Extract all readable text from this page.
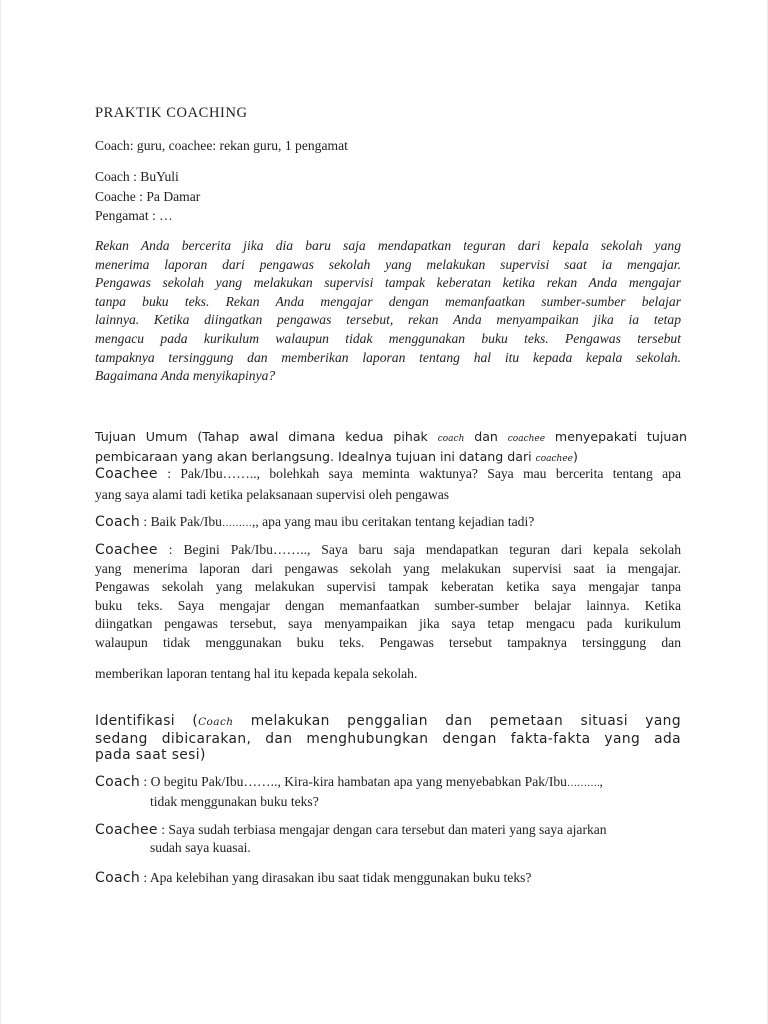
PRAKTIK COACHING
Coach: guru, coachee: rekan guru, 1 pengamat
Coach : BuYuli
Coache : Pa Damar
Pengamat : …
Rekan Anda bercerita jika dia baru saja mendapatkan teguran dari kepala sekolah yang
menerima laporan dari pengawas sekolah yang melakukan supervisi saat ia mengajar.
Pengawas sekolah yang melakukan supervisi tampak keberatan ketika rekan Anda mengajar
tanpa buku teks. Rekan Anda mengajar dengan memanfaatkan sumber-sumber belajar
lainnya. Ketika diingatkan pengawas tersebut, rekan Anda menyampaikan jika ia tetap
mengacu pada kurikulum walaupun tidak menggunakan buku teks. Pengawas tersebut
tampaknya tersinggung dan memberikan laporan tentang hal itu kepada kepala sekolah.
Bagaimana Anda menyikapinya?
Tujuan Umum (Tahap awal dimana kedua pihak coach dan coachee menyepakati tujuan
pembicaraan yang akan berlangsung. Idealnya tujuan ini datang dari coachee)
Coachee : Pak/Ibu…….., bolehkah saya meminta waktunya? Saya mau bercerita tentang apa
yang saya alami tadi ketika pelaksanaan supervisi oleh pengawas
Coach : Baik Pak/Ibu………,, apa yang mau ibu ceritakan tentang kejadian tadi?
Coachee : Begini Pak/Ibu…….., Saya baru saja mendapatkan teguran dari kepala sekolah
yang menerima laporan dari pengawas sekolah yang melakukan supervisi saat ia mengajar.
Pengawas sekolah yang melakukan supervisi tampak keberatan ketika saya mengajar tanpa
buku teks. Saya mengajar dengan memanfaatkan sumber-sumber belajar lainnya. Ketika
diingatkan pengawas tersebut, saya menyampaikan jika saya tetap mengacu pada kurikulum
walaupun tidak menggunakan buku teks. Pengawas tersebut tampaknya tersinggung dan
memberikan laporan tentang hal itu kepada kepala sekolah.
Identifikasi (Coach melakukan penggalian dan pemetaan situasi yang
sedang dibicarakan, dan menghubungkan dengan fakta-fakta yang ada
pada saat sesi)
Coach : O begitu Pak/Ibu…….., Kira-kira hambatan apa yang menyebabkan Pak/Ibu……….,
tidak menggunakan buku teks?
Coachee : Saya sudah terbiasa mengajar dengan cara tersebut dan materi yang saya ajarkan
sudah saya kuasai.
Coach : Apa kelebihan yang dirasakan ibu saat tidak menggunakan buku teks?
